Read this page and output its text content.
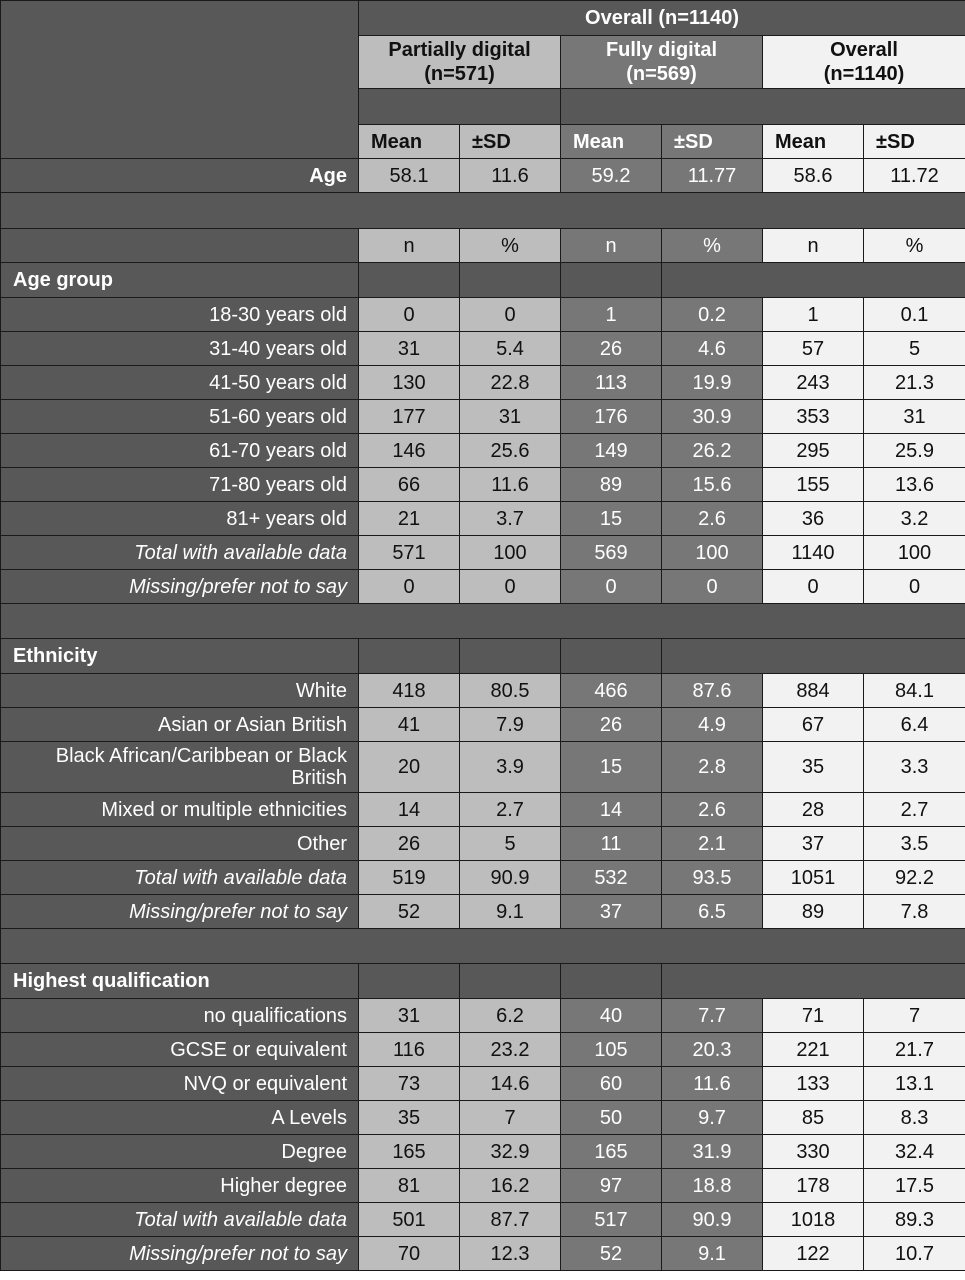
	Overall (n=1140)					
	Partially digital
(n=571)		Fully digital
(n=569)		Overall
(n=1140)	

	Mean	±SD	Mean	±SD	Mean	±SD
Age	58.1	11.6	59.2	11.77	58.6	11.72

	n	%	n	%	n	%
Age group						
18-30 years old	0	0	1	0.2	1	0.1
31-40 years old	31	5.4	26	4.6	57	5
41-50 years old	130	22.8	113	19.9	243	21.3
51-60 years old	177	31	176	30.9	353	31
61-70 years old	146	25.6	149	26.2	295	25.9
71-80 years old	66	11.6	89	15.6	155	13.6
81+ years old	21	3.7	15	2.6	36	3.2
Total with available data	571	100	569	100	1140	100
Missing/prefer not to say	0	0	0	0	0	0

Ethnicity						
White	418	80.5	466	87.6	884	84.1
Asian or Asian British	41	7.9	26	4.9	67	6.4
Black African/Caribbean or Black British	20	3.9	15	2.8	35	3.3
Mixed or multiple ethnicities	14	2.7	14	2.6	28	2.7
Other	26	5	11	2.1	37	3.5
Total with available data	519	90.9	532	93.5	1051	92.2
Missing/prefer not to say	52	9.1	37	6.5	89	7.8

Highest qualification						
no qualifications	31	6.2	40	7.7	71	7
GCSE or equivalent	116	23.2	105	20.3	221	21.7
NVQ or equivalent	73	14.6	60	11.6	133	13.1
A Levels	35	7	50	9.7	85	8.3
Degree	165	32.9	165	31.9	330	32.4
Higher degree	81	16.2	97	18.8	178	17.5
Total with available data	501	87.7	517	90.9	1018	89.3
Missing/prefer not to say	70	12.3	52	9.1	122	10.7
